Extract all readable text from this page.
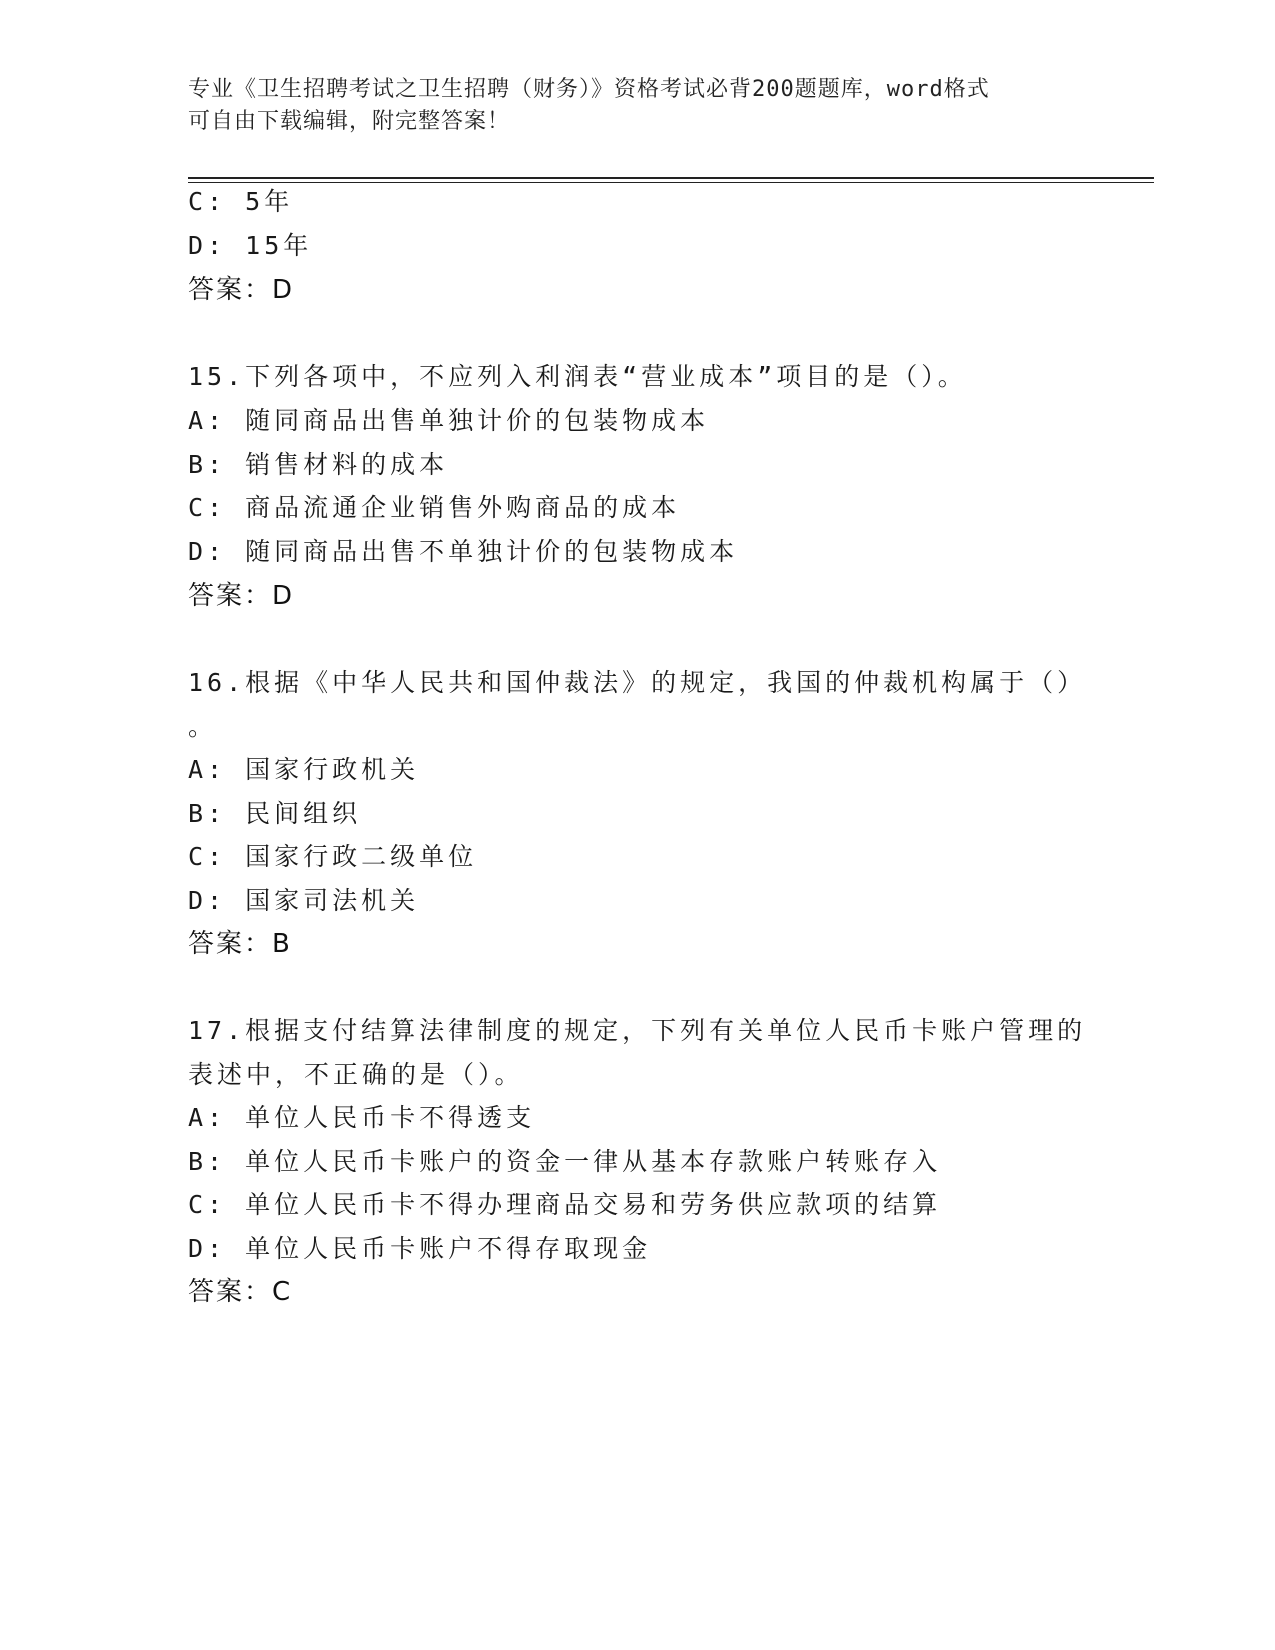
专业《卫生招聘考试之卫生招聘（财务）》资格考试必背200题题库，word格式
可自由下载编辑，附完整答案！
C: 5年
D: 15年
答案：D
15.下列各项中，不应列入利润表“营业成本”项目的是（）。
A: 随同商品出售单独计价的包装物成本
B: 销售材料的成本
C: 商品流通企业销售外购商品的成本
D: 随同商品出售不单独计价的包装物成本
答案：D
16.根据《中华人民共和国仲裁法》的规定，我国的仲裁机构属于（）
。
A: 国家行政机关
B: 民间组织
C: 国家行政二级单位
D: 国家司法机关
答案：B
17.根据支付结算法律制度的规定，下列有关单位人民币卡账户管理的
表述中，不正确的是（）。
A: 单位人民币卡不得透支
B: 单位人民币卡账户的资金一律从基本存款账户转账存入
C: 单位人民币卡不得办理商品交易和劳务供应款项的结算
D: 单位人民币卡账户不得存取现金
答案：C
